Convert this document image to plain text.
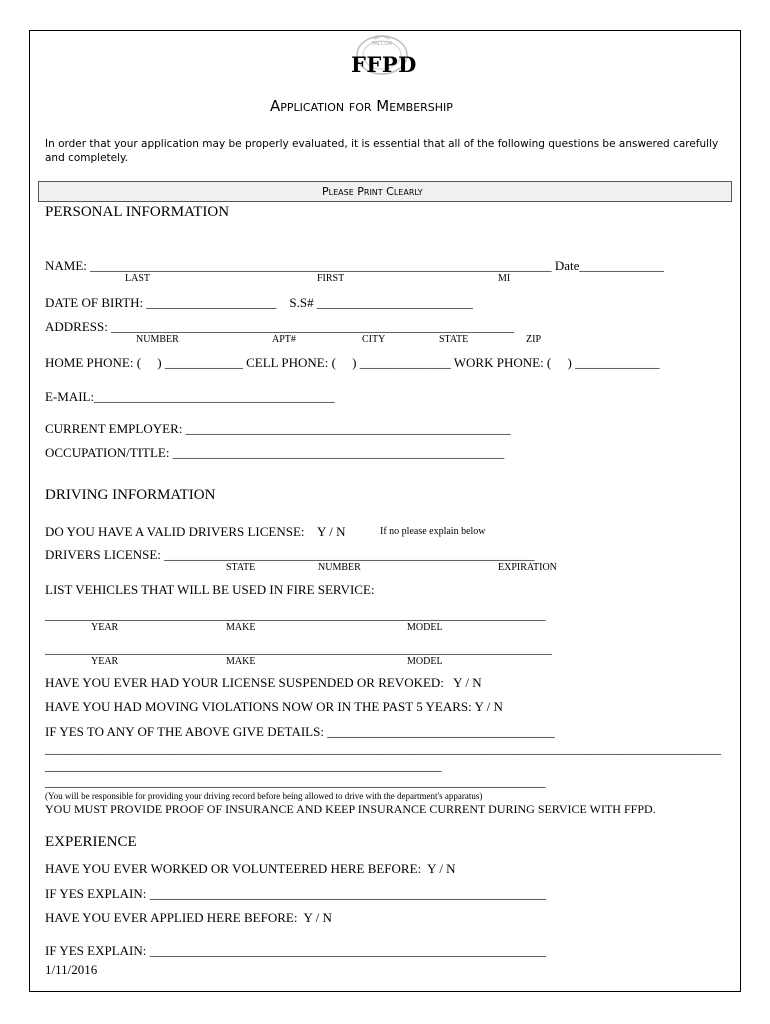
FALCON
FFPD
Application for Membership
In order that your application may be properly evaluated, it is essential that all of the following questions be answered carefully
and completely.
Please Print Clearly
PERSONAL INFORMATION
NAME: _______________________________________________________________________ Date_____________
LAST	FIRST	MI
DATE OF BIRTH: ____________________    S.S# ________________________
ADDRESS: ______________________________________________________________
NUMBER	APT#	CITY	STATE	ZIP
HOME PHONE: (     ) ____________ CELL PHONE: (     ) ______________ WORK PHONE: (     ) _____________
E-MAIL:_____________________________________
CURRENT EMPLOYER: __________________________________________________
OCCUPATION/TITLE: ___________________________________________________
DRIVING INFORMATION
DO YOU HAVE A VALID DRIVERS LICENSE:    Y / N	If no please explain below
DRIVERS LICENSE: _________________________________________________________
STATE	NUMBER	EXPIRATION
LIST VEHICLES THAT WILL BE USED IN FIRE SERVICE:
_____________________________________________________________________________
YEAR	MAKE	MODEL
______________________________________________________________________________
YEAR	MAKE	MODEL
HAVE YOU EVER HAD YOUR LICENSE SUSPENDED OR REVOKED:   Y / N
HAVE YOU HAD MOVING VIOLATIONS NOW OR IN THE PAST 5 YEARS: Y / N
IF YES TO ANY OF THE ABOVE GIVE DETAILS: ___________________________________
________________________________________________________________________________________________________
_____________________________________________________________
_____________________________________________________________________________
(You will be responsible for providing your driving record before being allowed to drive with the department's apparatus)
YOU MUST PROVIDE PROOF OF INSURANCE AND KEEP INSURANCE CURRENT DURING SERVICE WITH FFPD.
EXPERIENCE
HAVE YOU EVER WORKED OR VOLUNTEERED HERE BEFORE:  Y / N
IF YES EXPLAIN: _____________________________________________________________
HAVE YOU EVER APPLIED HERE BEFORE:  Y / N
IF YES EXPLAIN: _____________________________________________________________
1/11/2016
